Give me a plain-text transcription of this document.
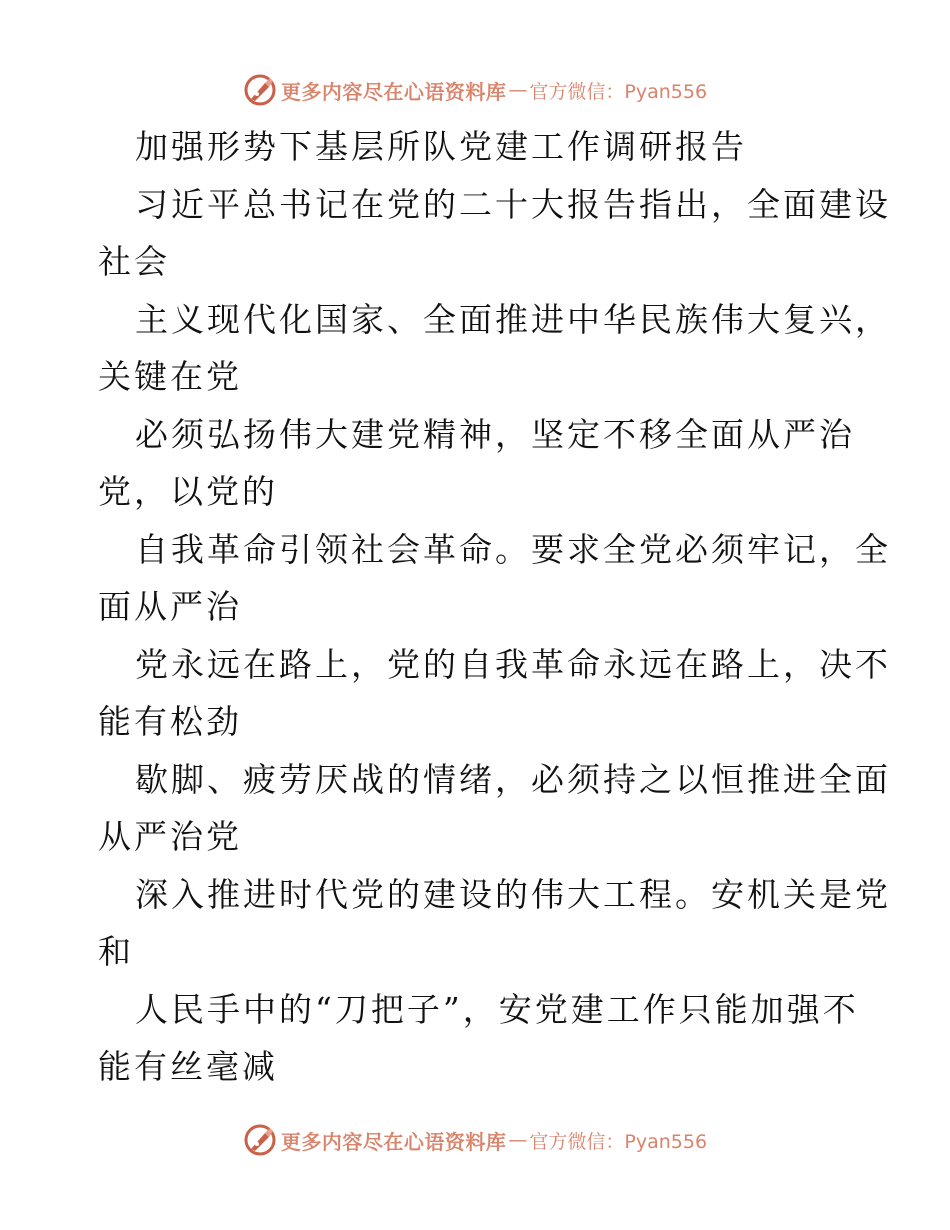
更多内容尽在心语资料库 — 官方微信：Pyan556
加强形势下基层所队党建工作调研报告
习近平总书记在党的二十大报告指出，全面建设
社会
主义现代化国家、全面推进中华民族伟大复兴，
关键在党
必须弘扬伟大建党精神，坚定不移全面从严治
党，以党的
自我革命引领社会革命。要求全党必须牢记，全
面从严治
党永远在路上，党的自我革命永远在路上，决不
能有松劲
歇脚、疲劳厌战的情绪，必须持之以恒推进全面
从严治党
深入推进时代党的建设的伟大工程。安机关是党
和
人民手中的“刀把子”，安党建工作只能加强不
能有丝毫减
更多内容尽在心语资料库 — 官方微信：Pyan556
